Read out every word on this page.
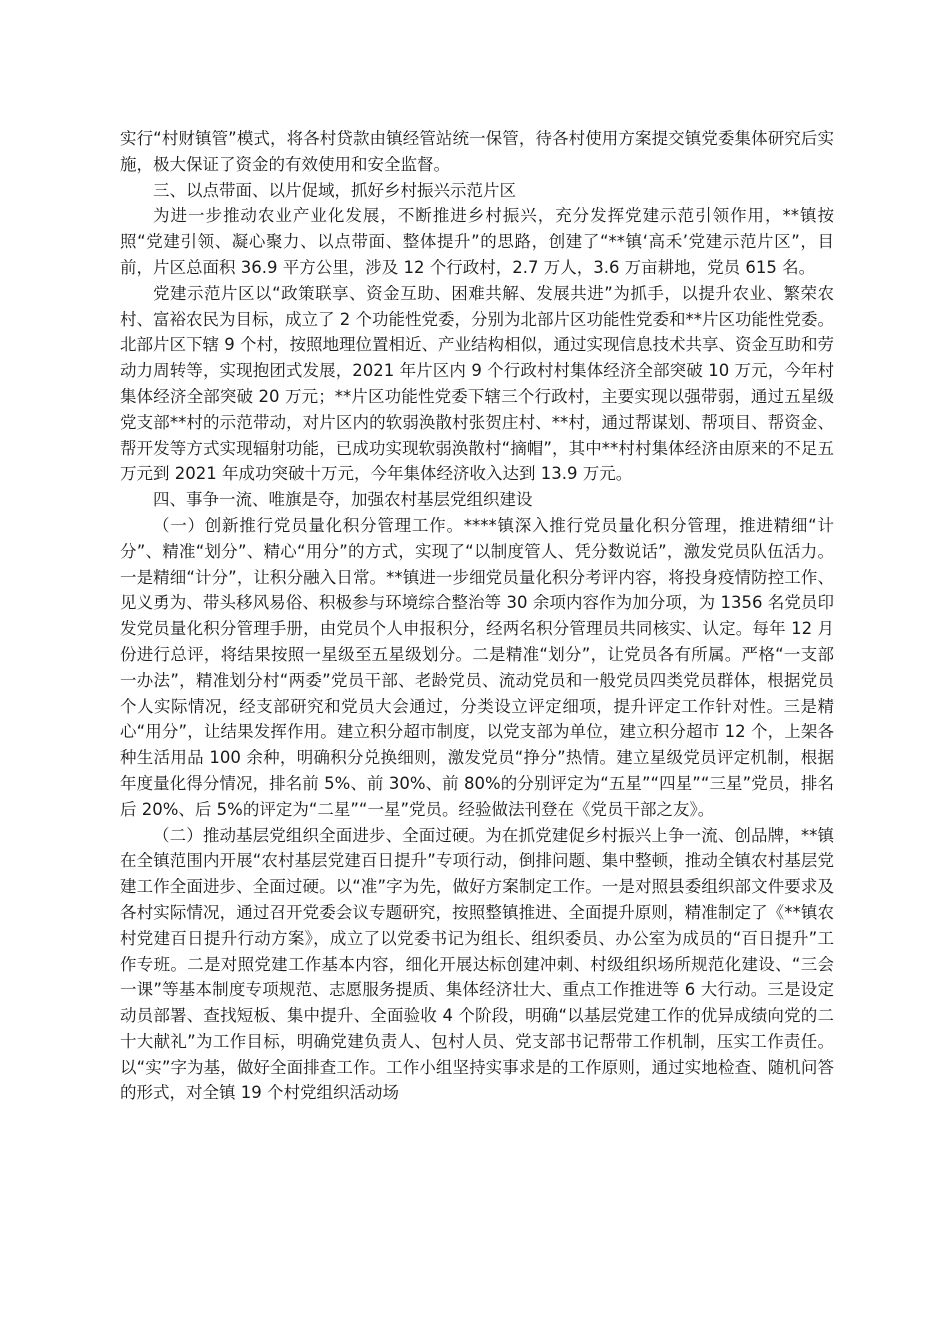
实行“村财镇管”模式，将各村贷款由镇经管站统一保管，待各村使用方案提交镇党委集体研究后实施，极大保证了资金的有效使用和安全监督。

三、以点带面、以片促域，抓好乡村振兴示范片区

为进一步推动农业产业化发展，不断推进乡村振兴，充分发挥党建示范引领作用，**镇按照“党建引领、凝心聚力、以点带面、整体提升”的思路，创建了“**镇‘高禾’党建示范片区”，目前，片区总面积 36.9 平方公里，涉及 12 个行政村，2.7 万人，3.6 万亩耕地，党员 615 名。

党建示范片区以“政策联享、资金互助、困难共解、发展共进”为抓手，以提升农业、繁荣农村、富裕农民为目标，成立了 2 个功能性党委，分别为北部片区功能性党委和**片区功能性党委。北部片区下辖 9 个村，按照地理位置相近、产业结构相似，通过实现信息技术共享、资金互助和劳动力周转等，实现抱团式发展，2021 年片区内 9 个行政村村集体经济全部突破 10 万元，今年村集体经济全部突破 20 万元；**片区功能性党委下辖三个行政村，主要实现以强带弱，通过五星级党支部**村的示范带动，对片区内的软弱涣散村张贺庄村、**村，通过帮谋划、帮项目、帮资金、帮开发等方式实现辐射功能，已成功实现软弱涣散村“摘帽”，其中**村村集体经济由原来的不足五万元到 2021 年成功突破十万元，今年集体经济收入达到 13.9 万元。

四、事争一流、唯旗是夺，加强农村基层党组织建设

（一）创新推行党员量化积分管理工作。****镇深入推行党员量化积分管理，推进精细“计分”、精准“划分”、精心“用分”的方式，实现了“以制度管人、凭分数说话”，激发党员队伍活力。一是精细“计分”，让积分融入日常。**镇进一步细党员量化积分考评内容，将投身疫情防控工作、见义勇为、带头移风易俗、积极参与环境综合整治等 30 余项内容作为加分项，为 1356 名党员印发党员量化积分管理手册，由党员个人申报积分，经两名积分管理员共同核实、认定。每年 12 月份进行总评，将结果按照一星级至五星级划分。二是精准“划分”，让党员各有所属。严格“一支部一办法”，精准划分村“两委”党员干部、老龄党员、流动党员和一般党员四类党员群体，根据党员个人实际情况，经支部研究和党员大会通过，分类设立评定细项，提升评定工作针对性。三是精心“用分”，让结果发挥作用。建立积分超市制度，以党支部为单位，建立积分超市 12 个，上架各种生活用品 100 余种，明确积分兑换细则，激发党员“挣分”热情。建立星级党员评定机制，根据年度量化得分情况，排名前 5%、前 30%、前 80%的分别评定为“五星”“四星”“三星”党员，排名后 20%、后 5%的评定为“二星”“一星”党员。经验做法刊登在《党员干部之友》。

（二）推动基层党组织全面进步、全面过硬。为在抓党建促乡村振兴上争一流、创品牌，**镇在全镇范围内开展“农村基层党建百日提升”专项行动，倒排问题、集中整顿，推动全镇农村基层党建工作全面进步、全面过硬。以“准”字为先，做好方案制定工作。一是对照县委组织部文件要求及各村实际情况，通过召开党委会议专题研究，按照整镇推进、全面提升原则，精准制定了《**镇农村党建百日提升行动方案》，成立了以党委书记为组长、组织委员、办公室为成员的“百日提升”工作专班。二是对照党建工作基本内容，细化开展达标创建冲刺、村级组织场所规范化建设、“三会一课”等基本制度专项规范、志愿服务提质、集体经济壮大、重点工作推进等 6 大行动。三是设定动员部署、查找短板、集中提升、全面验收 4 个阶段，明确“以基层党建工作的优异成绩向党的二十大献礼”为工作目标，明确党建负责人、包村人员、党支部书记帮带工作机制，压实工作责任。以“实”字为基，做好全面排查工作。工作小组坚持实事求是的工作原则，通过实地检查、随机问答的形式，对全镇 19 个村党组织活动场
